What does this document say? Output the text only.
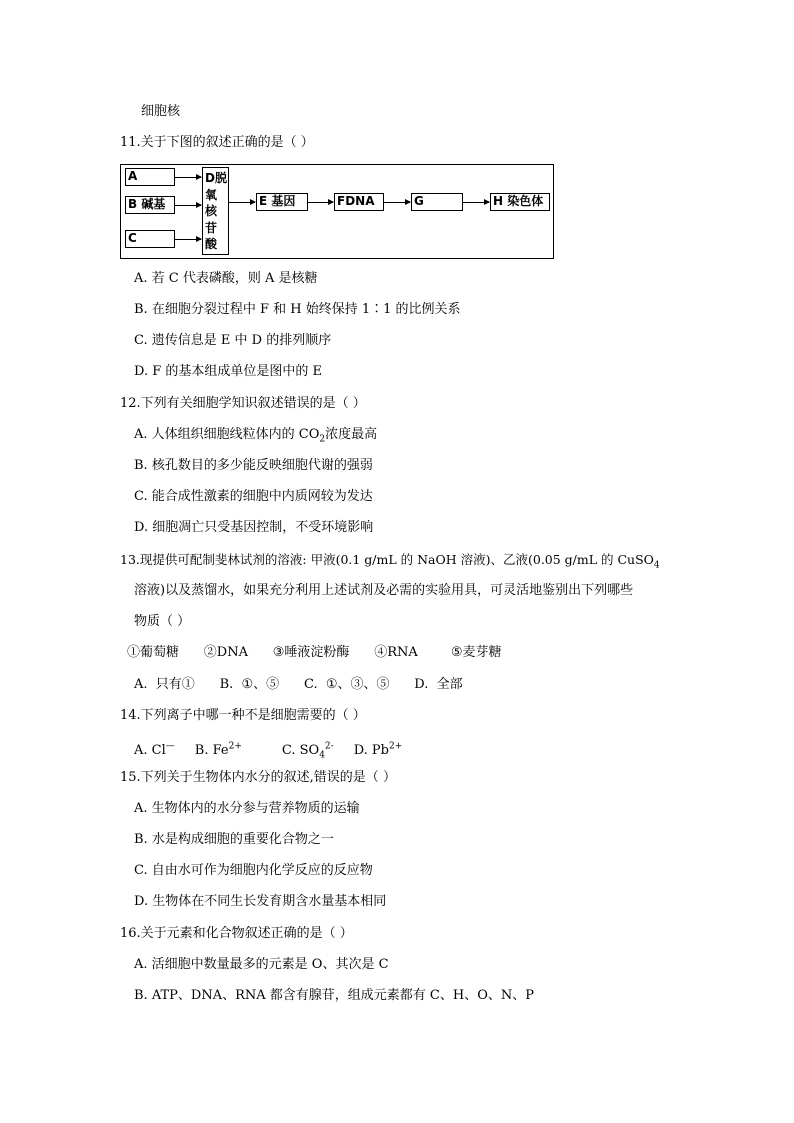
细胞核
11.关于下图的叙述正确的是（ ）
A
B 碱基
C
D脱
氧
核
苷
酸
E 基因	FDNA	G	H 染色体
A. 若 C 代表磷酸，则 A 是核糖
B. 在细胞分裂过程中 F 和 H 始终保持 1∶1 的比例关系
C. 遗传信息是 E 中 D 的排列顺序
D. F 的基本组成单位是图中的 E
12.下列有关细胞学知识叙述错误的是（ ）
A. 人体组织细胞线粒体内的 $CO_2$浓度最高
B. 核孔数目的多少能反映细胞代谢的强弱
C. 能合成性激素的细胞中内质网较为发达
D. 细胞凋亡只受基因控制，不受环境影响
13.现提供可配制斐林试剂的溶液: 甲液(0.1 g/mL 的 NaOH 溶液)、乙液(0.05 g/mL 的 CuSO$_4$
溶液)以及蒸馏水，如果充分利用上述试剂及必需的实验用具，可灵活地鉴别出下列哪些
物质（ ）
①葡萄糖      ②DNA      ③唾液淀粉酶      ④RNA        ⑤麦芽糖
A.  只有①      B.  ①、⑤      C.  ①、③、⑤      D.  全部
14.下列离子中哪一种不是细胞需要的（ ）
A. Cl— B. $Fe^{2+}$	C. $SO_4^{2-}$ D. $Pb^{2+}$
15.下列关于生物体内水分的叙述,错误的是（ ）
A. 生物体内的水分参与营养物质的运输
B. 水是构成细胞的重要化合物之一
C. 自由水可作为细胞内化学反应的反应物
D. 生物体在不同生长发育期含水量基本相同
16.关于元素和化合物叙述正确的是（ ）
A. 活细胞中数量最多的元素是 O、其次是 C
B. ATP、DNA、RNA 都含有腺苷，组成元素都有 C、H、O、N、P
